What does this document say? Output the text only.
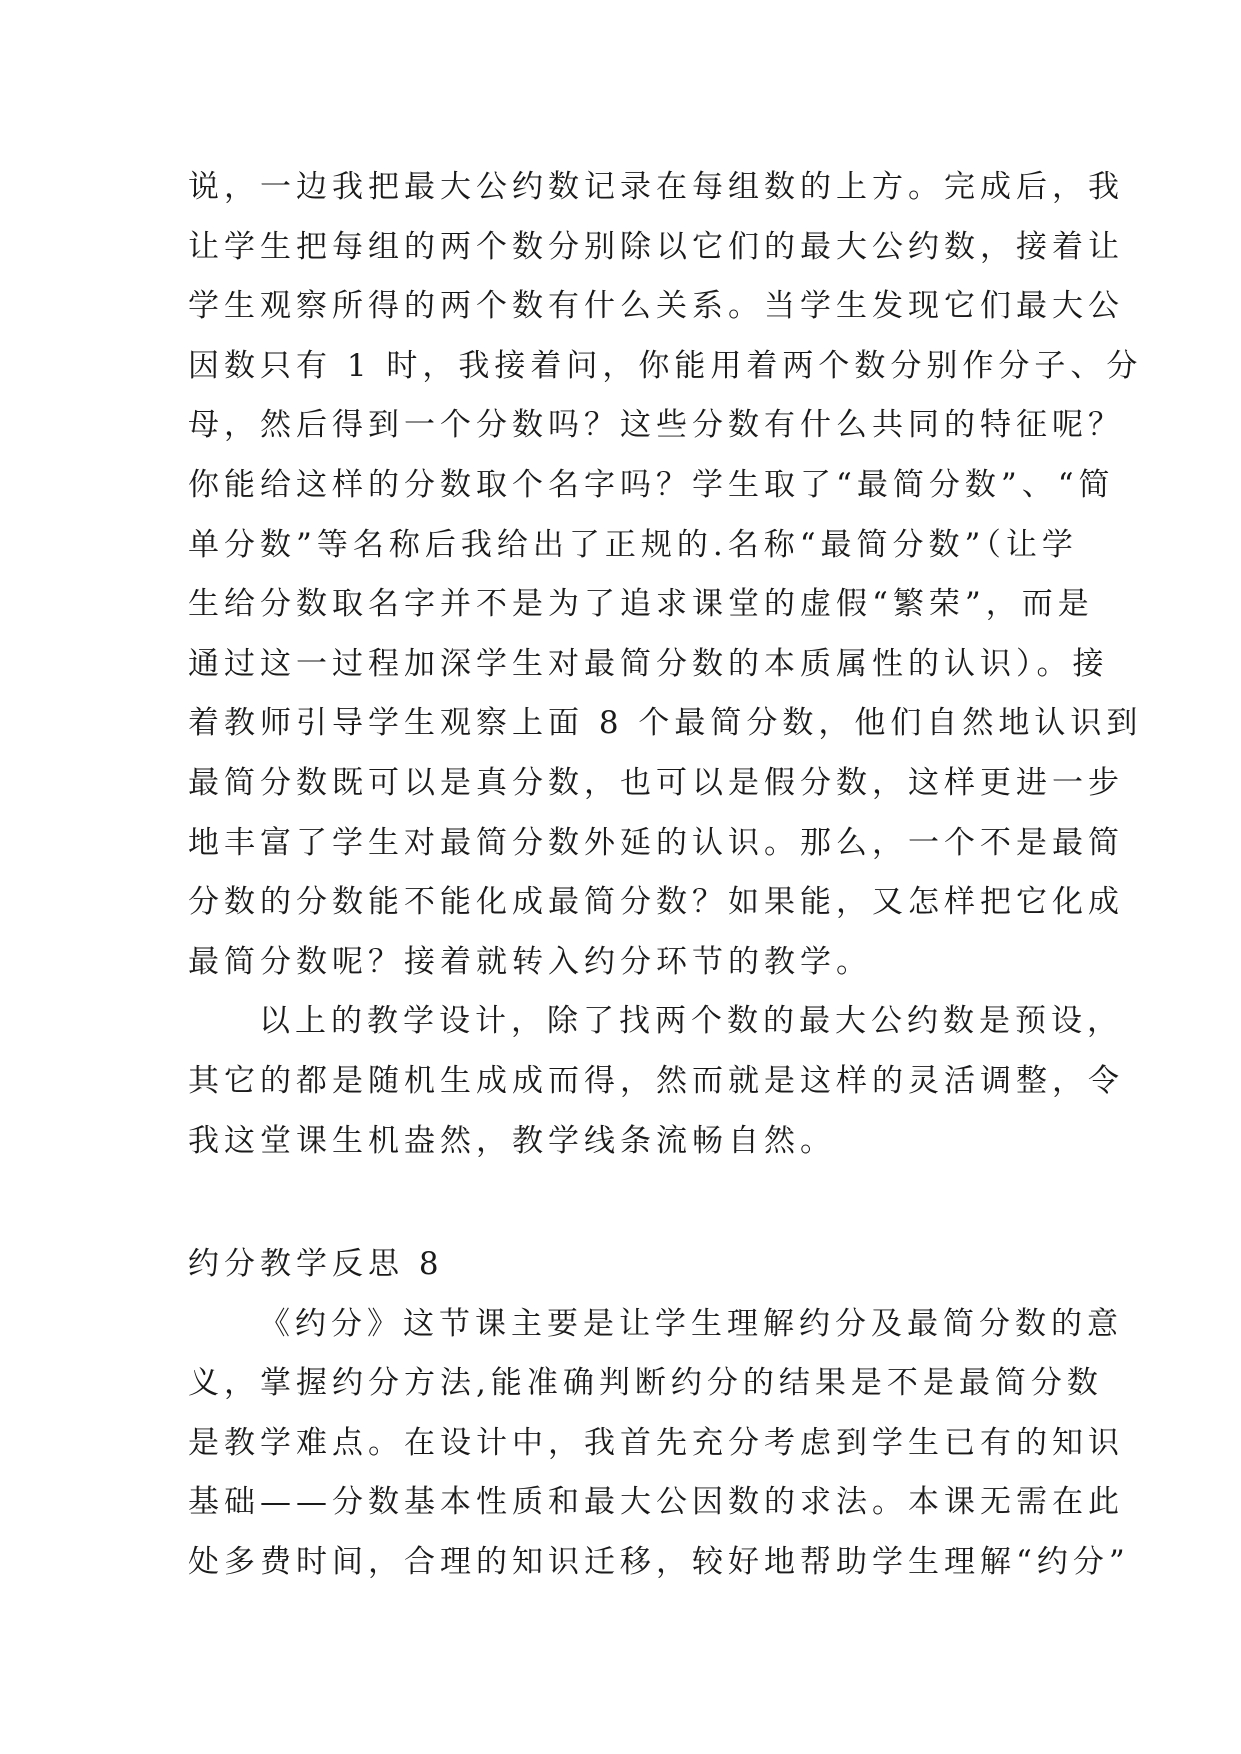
说，一边我把最大公约数记录在每组数的上方。完成后，我

让学生把每组的两个数分别除以它们的最大公约数，接着让

学生观察所得的两个数有什么关系。当学生发现它们最大公

因数只有 1 时，我接着问，你能用着两个数分别作分子、分

母，然后得到一个分数吗？这些分数有什么共同的特征呢？

你能给这样的分数取个名字吗？学生取了“最简分数”、“简

单分数”等名称后我给出了正规的.名称“最简分数”（让学

生给分数取名字并不是为了追求课堂的虚假“繁荣”，而是

通过这一过程加深学生对最简分数的本质属性的认识）。接

着教师引导学生观察上面 8 个最简分数，他们自然地认识到

最简分数既可以是真分数，也可以是假分数，这样更进一步

地丰富了学生对最简分数外延的认识。那么，一个不是最简

分数的分数能不能化成最简分数？如果能，又怎样把它化成

最简分数呢？接着就转入约分环节的教学。

以上的教学设计，除了找两个数的最大公约数是预设，

其它的都是随机生成成而得，然而就是这样的灵活调整，令

我这堂课生机盎然，教学线条流畅自然。

约分教学反思 8

《约分》这节课主要是让学生理解约分及最简分数的意

义，掌握约分方法,能准确判断约分的结果是不是最简分数

是教学难点。在设计中，我首先充分考虑到学生已有的知识

基础——分数基本性质和最大公因数的求法。本课无需在此

处多费时间，合理的知识迁移，较好地帮助学生理解“约分”
